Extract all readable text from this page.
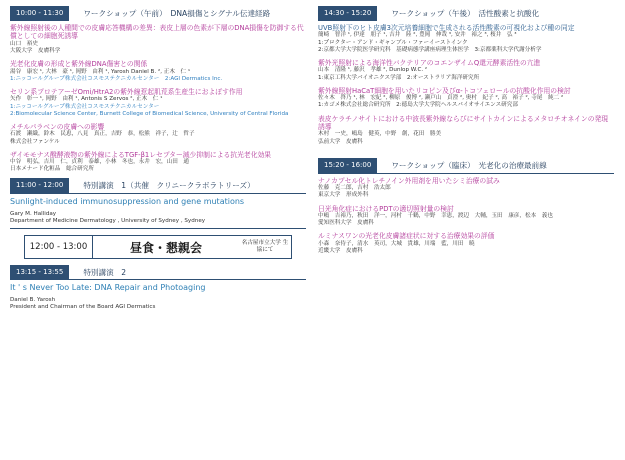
10:00 - 11:30	ワークショップ（午前）　DNA損傷とシグナル伝達経路
紫外線照射後の人種間での皮膚応答機構の差異：表皮上層の色素が下層のDNA損傷を防御する代償としての細胞死誘導
山口　裕史
大阪大学　皮膚科学
光老化皮膚の形成と紫外線DNA傷害との関係
湯谷　康宏 ¹, 大林　豪 ¹, 岡野　由利 ¹, Yarosh Daniel B. ², 正木　仁 ¹
1:ニッコールグループ株式会社コスモステクニカルセンター　2:AGI Dermatics Inc.
セリン系プロテアーゼOmi/HtrA2の紫外線惹起肌荒系生産生におよぼす作用
矢作　彰一 ¹, 岡野　由利 ¹, Antonis S Zervos ², 正木　仁 ¹
1:ニッコールグループ株式会社コスモステクニカルセンター
2:Biomolecular Science Center, Burnett College of Biomedical Science, University of Central Florida
メチルパラベンの皮膚への影響
石渡　瀬織，鈴木　民恵，八見　真正，吉野　恭，松熊　祥子，辻　哲子
株式会社ファンケル
ザイモモナス醗酵液物の紫外線によるTGF-β1レセプター減少抑制による抗光老化効果
中谷　明弘，吉川　仁，貞利　泰雄，小林　冬也，永井　宏，山田　通
日本メナード化粧品　総合研究所
11:00 - 12:00	特別講演　1（共催　クリニークラボラトリーズ）
Sunlight-induced immunosuppression and gene mutations
Gary M. Halliday
Department of Medicine Dermatology , University of Sydney , Sydney
12:00 - 13:00	昼食・懇親会	名古屋市立大学 生協にて
13:15 - 13:55	特別講演　2
It ' s Never Too Late: DNA Repair and Photoaging
Daniel B. Yarosh
President and Chairman of the Board AGI Dermatics
14:30 - 15:20	ワークショップ（午後）　活性酸素と抗酸化
UVB照射下のヒト皮膚3次元培養細胞で生成される活性酸素の可視化および種の同定
簡崎　智洋 ¹, 伊達　朋子 ¹, 吉井　陸 ², 豊岡　伸哉 ³, 安井　裕之 ³, 桜井　弘 ³
1:プロクター・アンド・ギャンブル・ファーイーストインク
2:京都大学大学院医学研究科　基礎病態学講座病理生体医学　3:京都薬科大学代謝分析学
紫外光照射による海洋性バクテリアのコエンザイムQ還元酵素活性の亢進
山本　清隆 ¹, 藤沢　孝雄 ², Dunlop W.C. ²
1:東京工科大学バイオニクス学部　2:オーストラリア海洋研究所
紫外線照射HaCaT細胞を用いたリコピン及びα-トコフェロールの抗酸化作用の検討
佐々木　啓乃 ¹, 林　宏紀 ², 柳原　俊博 ², 瀬戸山　貞澄 ², 奥村　紀子 ², 高　裕子 ², 寺尾　純二 ²
1:カゴメ株式会社総合研究所　2:徳島大学大学院ヘルスバイオサイエンス研究部
表皮ケラチノサイトにおける中波長紫外線ならびにサイトカインによるメタロチオネインの発現誘導
木村　一史，嶋島　健英，中野　創，花田　勝美
弘前大学　皮膚科
15:20 - 16:00	ワークショップ（臨床）　光老化の治療最前線
ナノカプセル化トレチノイン外用剤を用いたシミ治療の試み
佐藤　克二郎，吉村　浩太郎
東京大学　形成外科
日光角化症におけるPDTの適切照射量の検討
中嶋　吉裕乃，秋田　洋一，河村　千鶴，中野　幸恵，渡辺　大輔，玉田　康彦，松本　義也
愛知医科大学　皮膚科
ルミナスワンの光老化皮膚諸症状に対する治療効果の評価
小森　奈侍子，清水　英司，大城　貴雄，川端　藍，川田　暁
近畿大学　皮膚科
